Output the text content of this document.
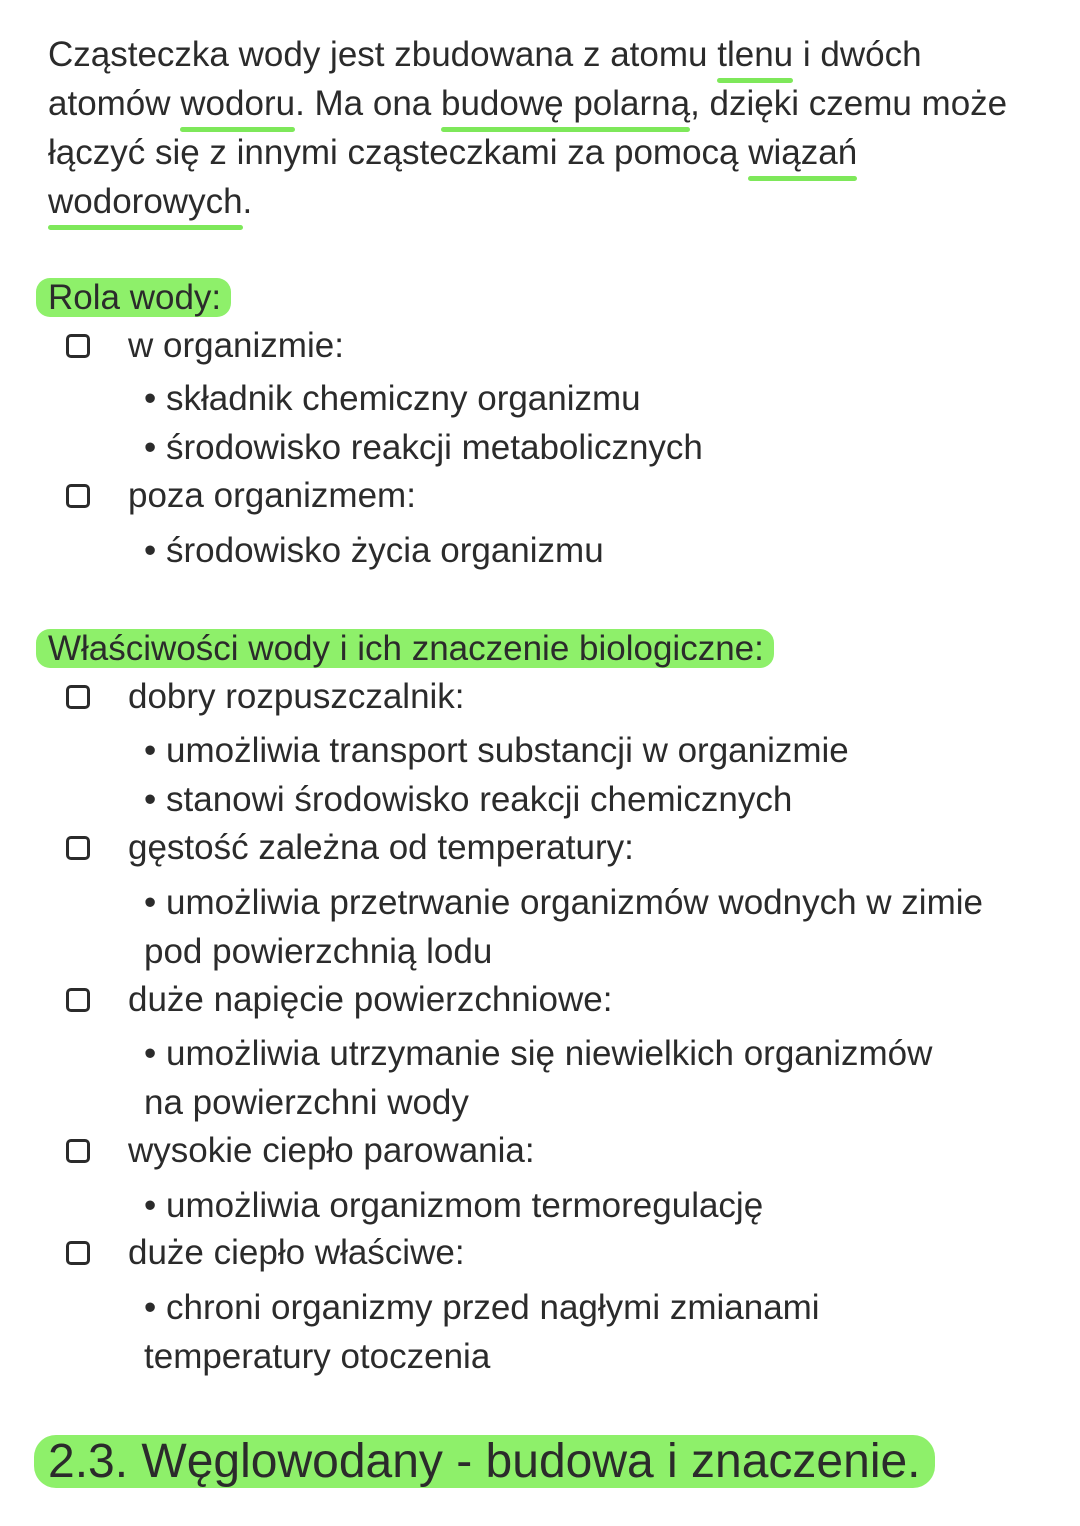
Cząsteczka wody jest zbudowana z atomu tlenu i dwóch atomów wodoru. Ma ona budowę polarną, dzięki czemu może łączyć się z innymi cząsteczkami za pomocą wiązań wodorowych.

Rola wody:
w organizmie:
• składnik chemiczny organizmu
• środowisko reakcji metabolicznych
poza organizmem:
• środowisko życia organizmu
Właściwości wody i ich znaczenie biologiczne:
dobry rozpuszczalnik:
• umożliwia transport substancji w organizmie
• stanowi środowisko reakcji chemicznych
gęstość zależna od temperatury:
• umożliwia przetrwanie organizmów wodnych w zimie pod powierzchnią lodu
duże napięcie powierzchniowe:
• umożliwia utrzymanie się niewielkich organizmów na powierzchni wody
wysokie ciepło parowania:
• umożliwia organizmom termoregulację
duże ciepło właściwe:
• chroni organizmy przed nagłymi zmianami temperatury otoczenia
2.3. Węglowodany - budowa i znaczenie.
